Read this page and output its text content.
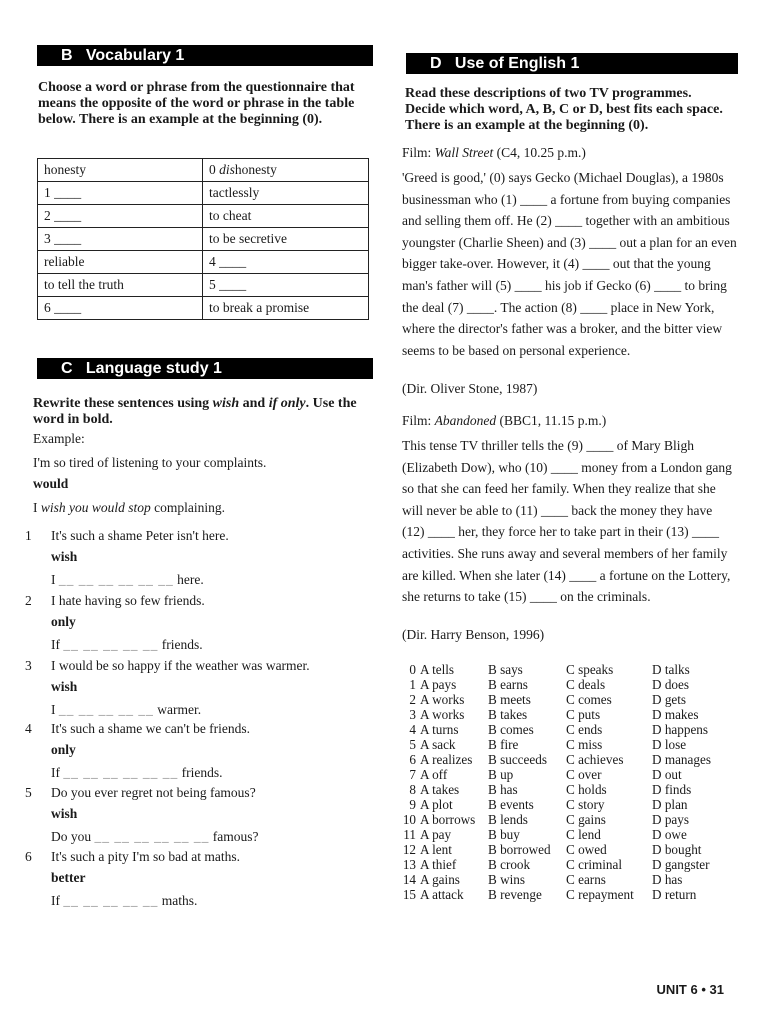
B Vocabulary 1
Choose a word or phrase from the questionnaire that means the opposite of the word or phrase in the table below. There is an example at the beginning (0).
honesty	0 dishonesty
1 ____	tactlessly
2 ____	to cheat
3 ____	to be secretive
reliable	4 ____
to tell the truth	5 ____
6 ____	to break a promise
C Language study 1
Rewrite these sentences using wish and if only. Use the word in bold.
Example:
I'm so tired of listening to your complaints.
would
I wish you would stop complaining.
1 It's such a shame Peter isn't here.
wish
I __ __ __ __ __ __ here.
2 I hate having so few friends.
only
If __ __ __ __ __ friends.
3 I would be so happy if the weather was warmer.
wish
I __ __ __ __ __ warmer.
4 It's such a shame we can't be friends.
only
If __ __ __ __ __ __ friends.
5 Do you ever regret not being famous?
wish
Do you __ __ __ __ __ __ famous?
6 It's such a pity I'm so bad at maths.
better
If __ __ __ __ __ maths.
D Use of English 1
Read these descriptions of two TV programmes. Decide which word, A, B, C or D, best fits each space. There is an example at the beginning (0).
Film: Wall Street (C4, 10.25 p.m.)
'Greed is good,' (0) says Gecko (Michael Douglas), a 1980s businessman who (1) ____ a fortune from buying companies and selling them off. He (2) ____ together with an ambitious youngster (Charlie Sheen) and (3) ____ out a plan for an even bigger take-over. However, it (4) ____ out that the young man's father will (5) ____ his job if Gecko (6) ____ to bring the deal (7) ____. The action (8) ____ place in New York, where the director's father was a broker, and the bitter view seems to be based on personal experience.
(Dir. Oliver Stone, 1987)
Film: Abandoned (BBC1, 11.15 p.m.)
This tense TV thriller tells the (9) ____ of Mary Bligh (Elizabeth Dow), who (10) ____ money from a London gang so that she can feed her family. When they realize that she will never be able to (11) ____ back the money they have (12) ____ her, they force her to take part in their (13) ____ activities. She runs away and several members of her family are killed. When she later (14) ____ a fortune on the Lottery, she returns to take (15) ____ on the criminals.
(Dir. Harry Benson, 1996)
0	A tells	B says	C speaks	D talks
1	A pays	B earns	C deals	D does
2	A works	B meets	C comes	D gets
3	A works	B takes	C puts	D makes
4	A turns	B comes	C ends	D happens
5	A sack	B fire	C miss	D lose
6	A realizes	B succeeds	C achieves	D manages
7	A off	B up	C over	D out
8	A takes	B has	C holds	D finds
9	A plot	B events	C story	D plan
10	A borrows	B lends	C gains	D pays
11	A pay	B buy	C lend	D owe
12	A lent	B borrowed	C owed	D bought
13	A thief	B crook	C criminal	D gangster
14	A gains	B wins	C earns	D has
15	A attack	B revenge	C repayment	D return
UNIT 6 • 31
